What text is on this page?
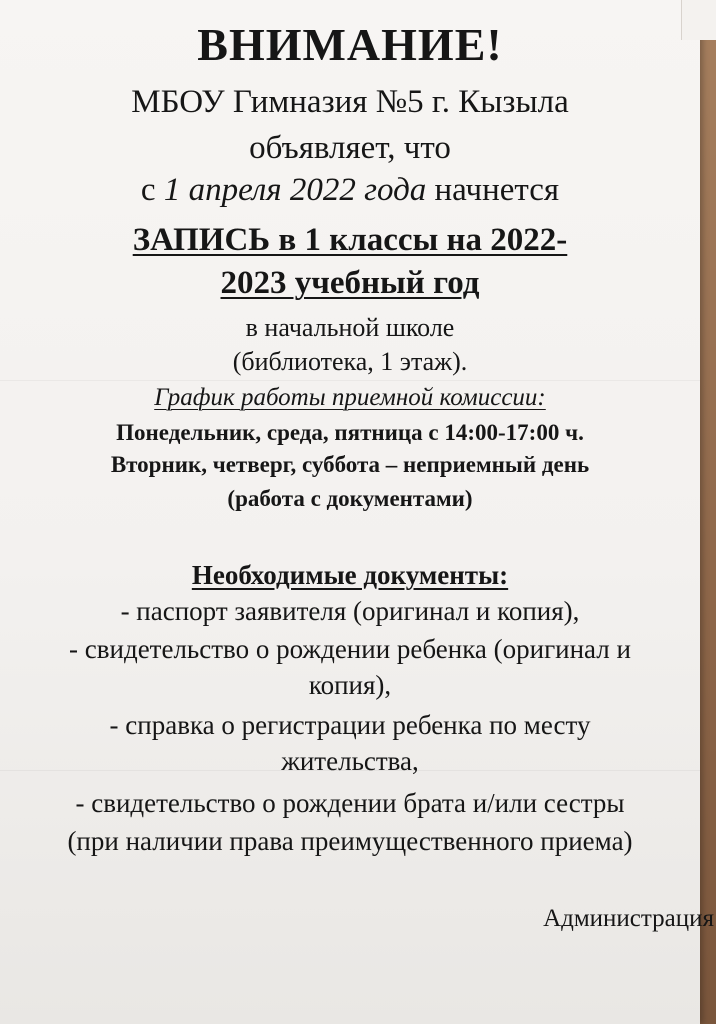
ВНИМАНИЕ!
МБОУ Гимназия №5 г. Кызыла
объявляет, что
с 1 апреля 2022 года начнется
ЗАПИСЬ в 1 классы на 2022-
2023 учебный год
в начальной школе
(библиотека, 1 этаж).
График работы приемной комиссии:
Понедельник, среда, пятница с 14:00-17:00 ч.
Вторник, четверг, суббота – неприемный день
(работа с документами)
Необходимые документы:
- паспорт заявителя (оригинал и копия),
- свидетельство о рождении ребенка (оригинал и
копия),
- справка о регистрации ребенка по месту
жительства,
- свидетельство о рождении брата и/или сестры
(при наличии права преимущественного приема)
Администрация
